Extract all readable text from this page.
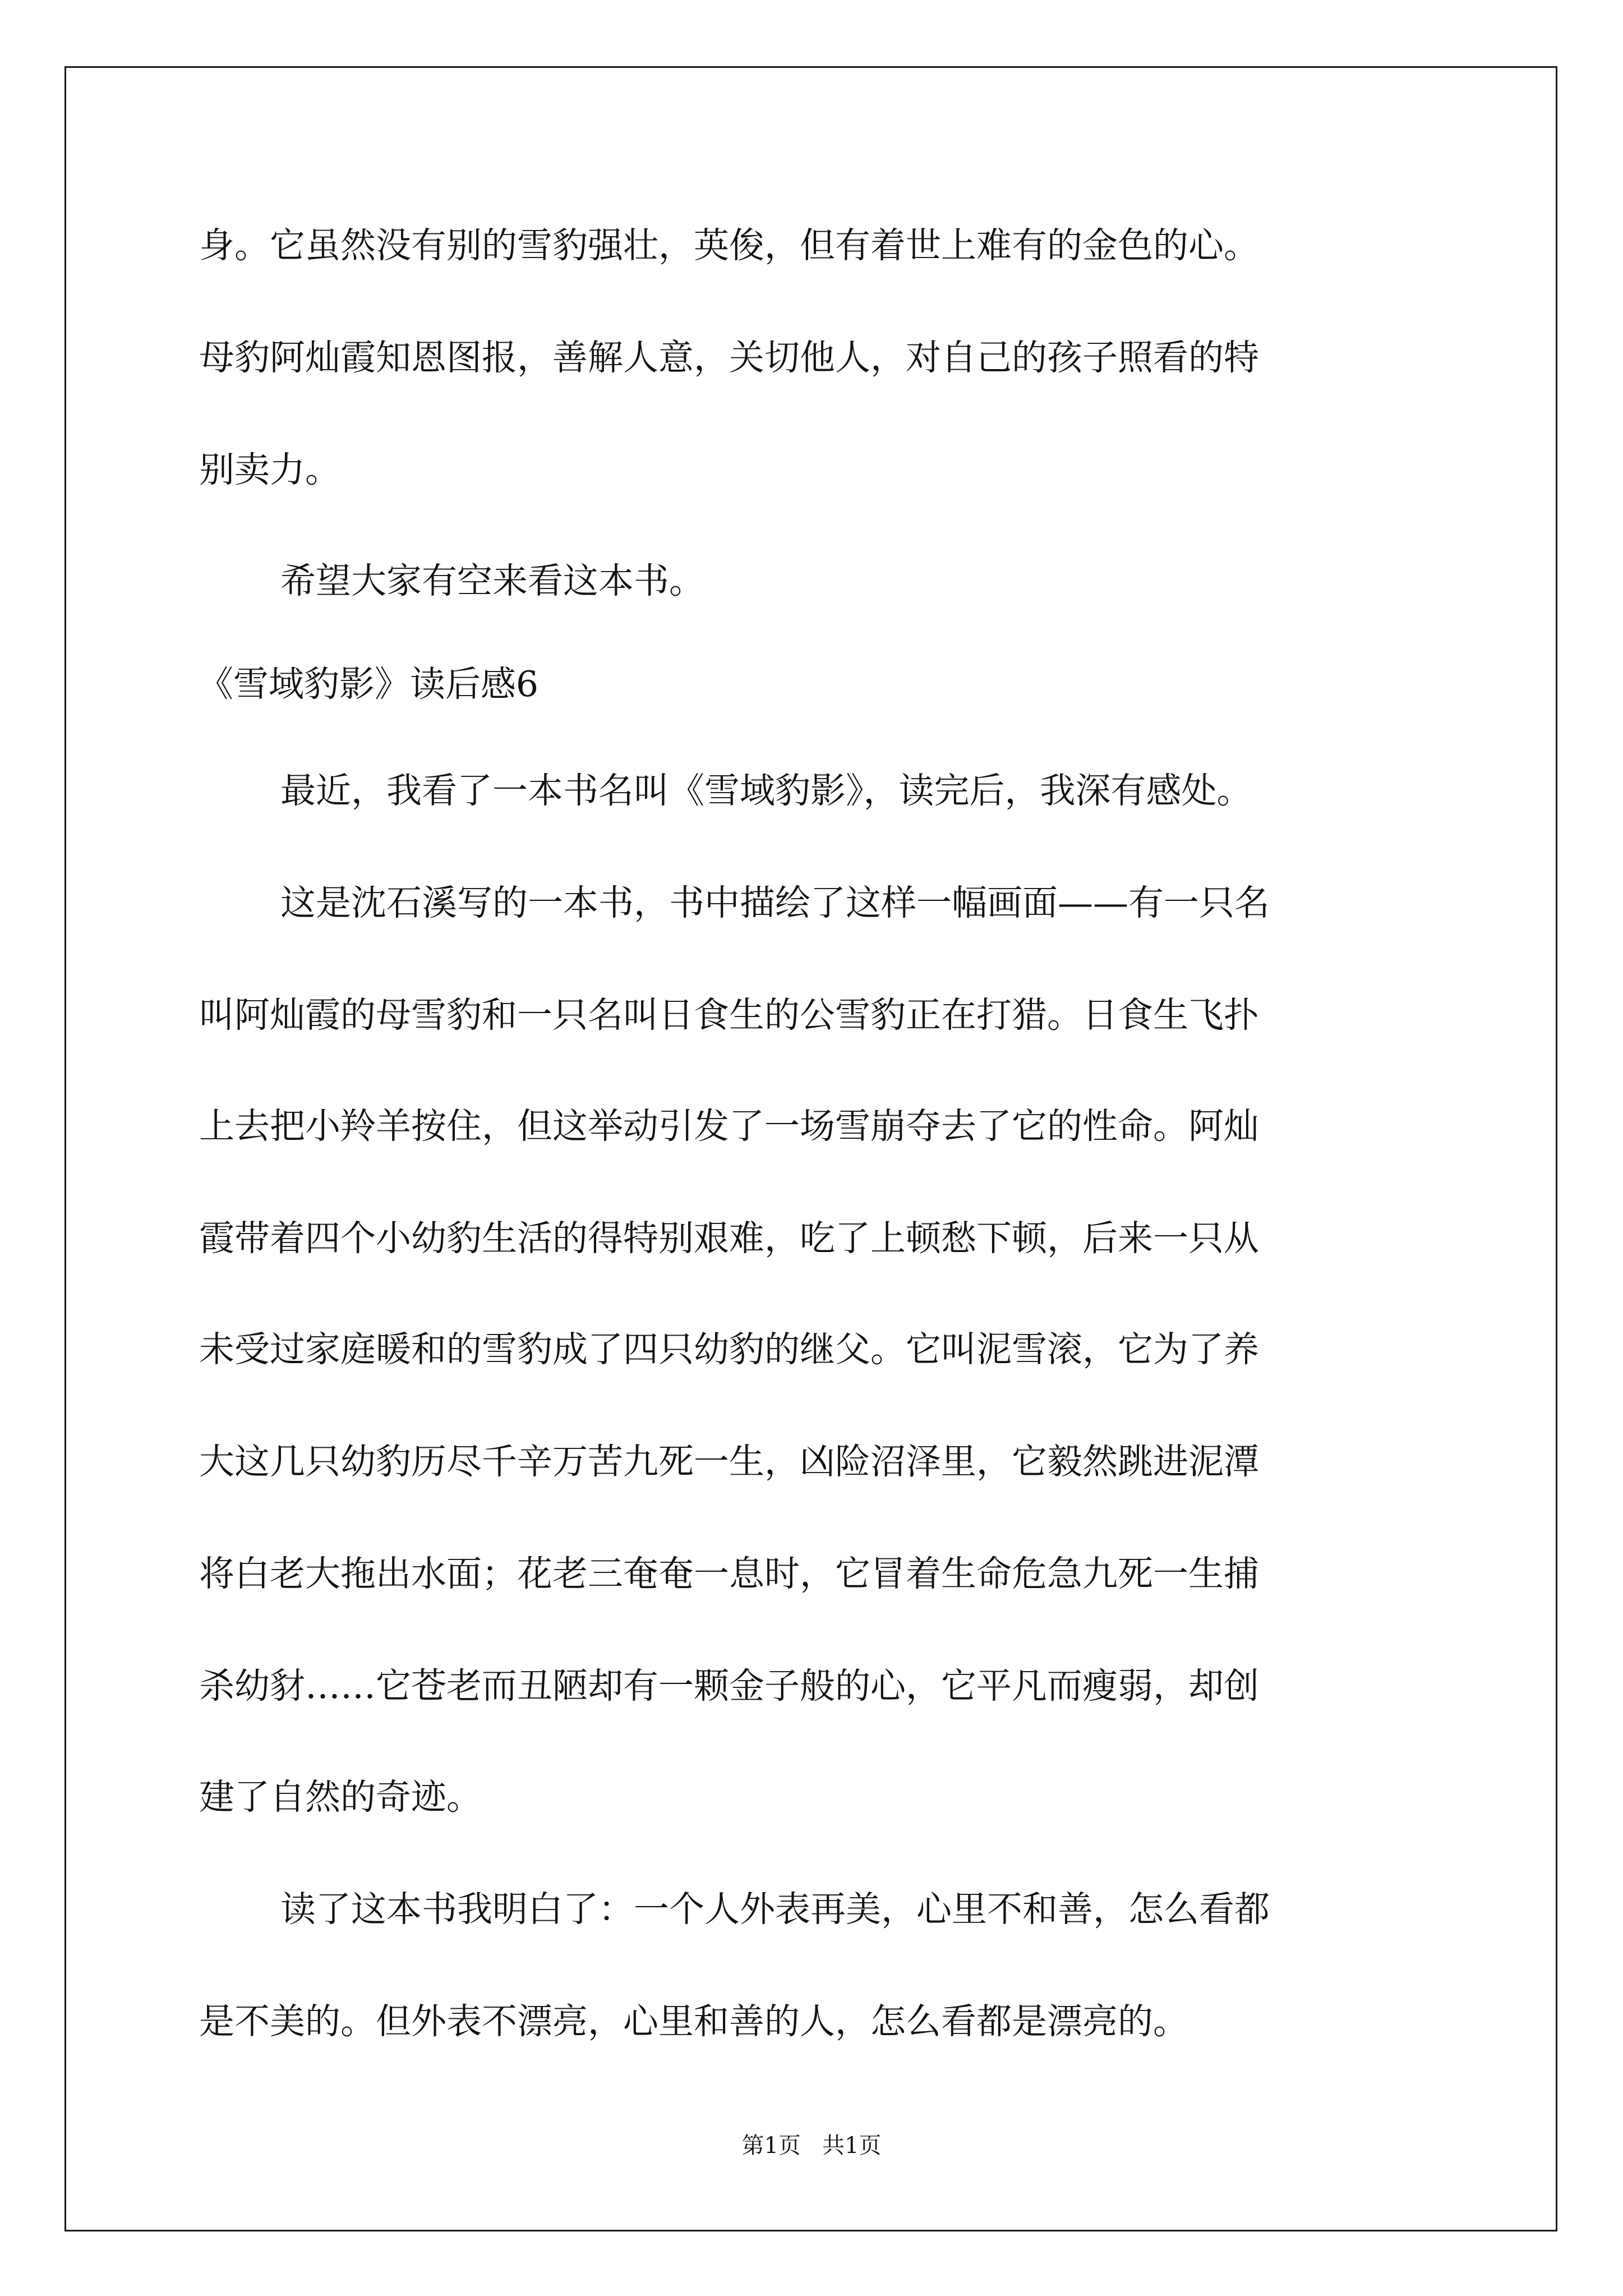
身。它虽然没有别的雪豹强壮，英俊，但有着世上难有的金色的心。
母豹阿灿霞知恩图报，善解人意，关切他人，对自己的孩子照看的特
别卖力。
希望大家有空来看这本书。
《雪域豹影》读后感6
最近，我看了一本书名叫《雪域豹影》，读完后，我深有感处。
这是沈石溪写的一本书，书中描绘了这样一幅画面——有一只名
叫阿灿霞的母雪豹和一只名叫日食生的公雪豹正在打猎。日食生飞扑
上去把小羚羊按住，但这举动引发了一场雪崩夺去了它的性命。阿灿
霞带着四个小幼豹生活的得特别艰难，吃了上顿愁下顿，后来一只从
未受过家庭暖和的雪豹成了四只幼豹的继父。它叫泥雪滚，它为了养
大这几只幼豹历尽千辛万苦九死一生，凶险沼泽里，它毅然跳进泥潭
将白老大拖出水面；花老三奄奄一息时，它冒着生命危急九死一生捕
杀幼豺……它苍老而丑陋却有一颗金子般的心，它平凡而瘦弱，却创
建了自然的奇迹。
读了这本书我明白了：一个人外表再美，心里不和善，怎么看都
是不美的。但外表不漂亮，心里和善的人，怎么看都是漂亮的。
第1页   共1页
